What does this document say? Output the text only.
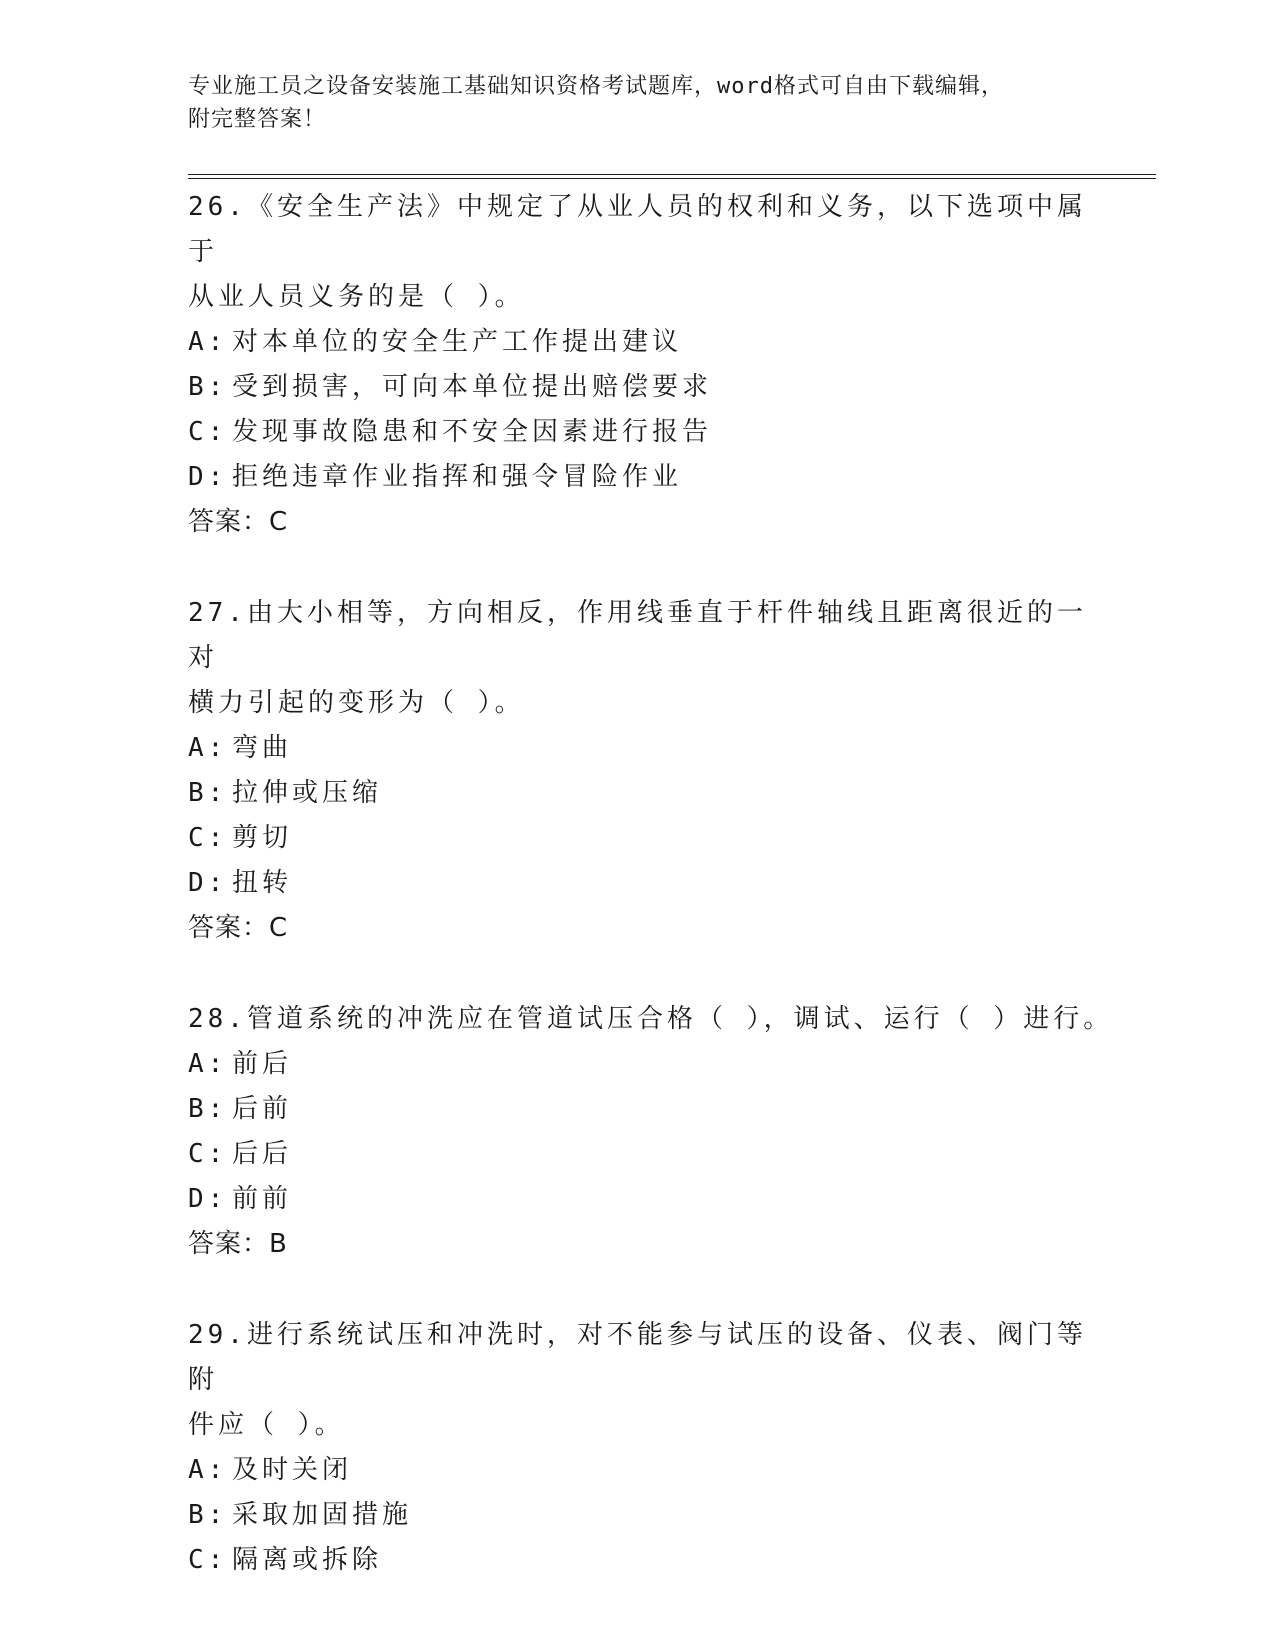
专业施工员之设备安装施工基础知识资格考试题库，word格式可自由下载编辑，
附完整答案！
26.《安全生产法》中规定了从业人员的权利和义务，以下选项中属于
从业人员义务的是（ ）。
A: 对本单位的安全生产工作提出建议
B: 受到损害，可向本单位提出赔偿要求
C: 发现事故隐患和不安全因素进行报告
D: 拒绝违章作业指挥和强令冒险作业
答案：C
27.由大小相等，方向相反，作用线垂直于杆件轴线且距离很近的一对
横力引起的变形为（ ）。
A: 弯曲
B: 拉伸或压缩
C: 剪切
D: 扭转
答案：C
28.管道系统的冲洗应在管道试压合格（ ），调试、运行（ ）进行。
A: 前后
B: 后前
C: 后后
D: 前前
答案：B
29.进行系统试压和冲洗时，对不能参与试压的设备、仪表、阀门等附
件应（ ）。
A: 及时关闭
B: 采取加固措施
C: 隔离或拆除
